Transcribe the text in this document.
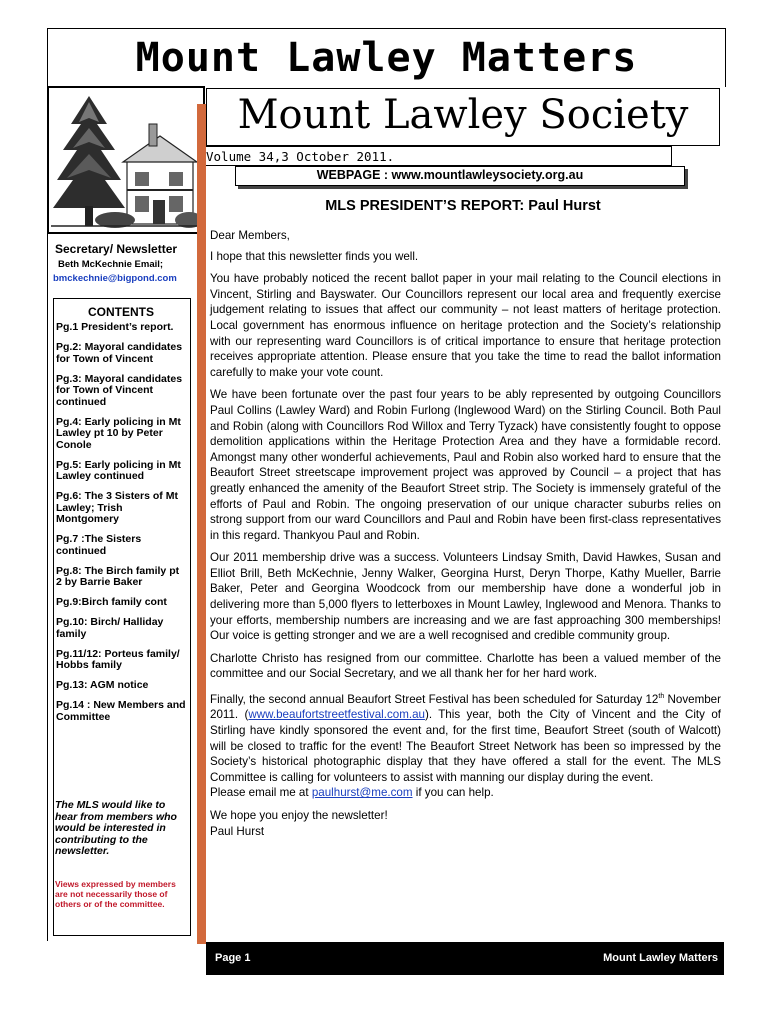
Mount Lawley Matters
Mount Lawley Society
Volume 34,3 October 2011.
WEBPAGE : www.mountlawleysociety.org.au
MLS PRESIDENT’S REPORT: Paul Hurst
Secretary/ Newsletter
Beth McKechnie Email;
bmckechnie@bigpond.com
CONTENTS
Pg.1 President’s report.
Pg.2: Mayoral candidates for Town of Vincent
Pg.3: Mayoral candidates for Town of Vincent continued
Pg.4: Early policing in Mt Lawley pt 10 by Peter Conole
Pg.5: Early policing in Mt Lawley continued
Pg.6: The 3 Sisters of Mt Lawley; Trish Montgomery
Pg.7 :The Sisters continued
Pg.8: The Birch family pt 2 by Barrie Baker
Pg.9:Birch family cont
Pg.10: Birch/ Halliday family
Pg.11/12: Porteus family/ Hobbs family
Pg.13: AGM notice
Pg.14 : New Members and Committee
The MLS would like to hear from members who would be interested in contributing to the newsletter.
Views expressed by members are not necessarily those of others or of the committee.

Dear Members,

I hope that this newsletter finds you well.

You have probably noticed the recent ballot paper in your mail relating to the Council elections in Vincent, Stirling and Bayswater. Our Councillors represent our local area and frequently exercise judgement relating to issues that affect our community – not least matters of heritage protection. Local government has enormous influence on heritage protection and the Society’s relationship with our representing ward Councillors is of critical importance to ensure that heritage protection receives appropriate attention. Please ensure that you take the time to read the ballot information carefully to make your vote count.

We have been fortunate over the past four years to be ably represented by outgoing Councillors Paul Collins (Lawley Ward) and Robin Furlong (Inglewood Ward) on the Stirling Council. Both Paul and Robin (along with Councillors Rod Willox and Terry Tyzack) have consistently fought to oppose demolition applications within the Heritage Protection Area and they have a formidable record. Amongst many other wonderful achievements, Paul and Robin also worked hard to ensure that the Beaufort Street streetscape improvement project was approved by Council – a project that has greatly enhanced the amenity of the Beaufort Street strip. The Society is immensely grateful of the efforts of Paul and Robin. The ongoing preservation of our unique character suburbs relies on strong support from our ward Councillors and Paul and Robin have been first-class representatives in this regard. Thankyou Paul and Robin.

Our 2011 membership drive was a success. Volunteers Lindsay Smith, David Hawkes, Susan and Elliot Brill, Beth McKechnie, Jenny Walker, Georgina Hurst, Deryn Thorpe, Kathy Mueller, Barrie Baker, Peter and Georgina Woodcock from our membership have done a wonderful job in delivering more than 5,000 flyers to letterboxes in Mount Lawley, Inglewood and Menora. Thanks to your efforts, membership numbers are increasing and we are fast approaching 300 memberships! Our voice is getting stronger and we are a well recognised and credible community group.

Charlotte Christo has resigned from our committee. Charlotte has been a valued member of the committee and our Social Secretary, and we all thank her for her hard work.

Finally, the second annual Beaufort Street Festival has been scheduled for Saturday 12th November 2011. (www.beaufortstreetfestival.com.au). This year, both the City of Vincent and the City of Stirling have kindly sponsored the event and, for the first time, Beaufort Street (south of Walcott) will be closed to traffic for the event! The Beaufort Street Network has been so impressed by the Society’s historical photographic display that they have offered a stall for the event. The MLS Committee is calling for volunteers to assist with manning our display during the event.

Please email me at paulhurst@me.com if you can help.

We hope you enjoy the newsletter!

Paul Hurst

Page 1	Mount Lawley Matters
